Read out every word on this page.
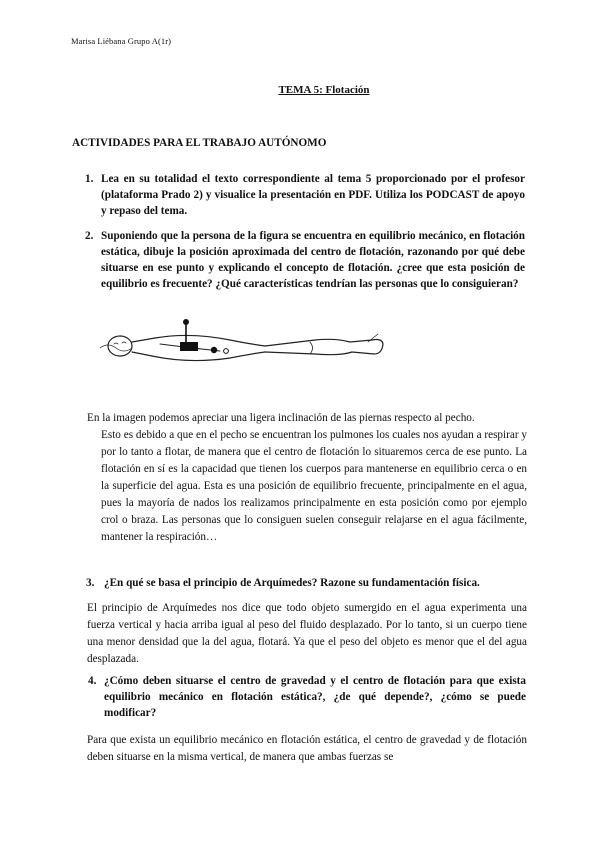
Marisa Liébana Grupo A(1r)
TEMA 5: Flotación
ACTIVIDADES PARA EL TRABAJO AUTÓNOMO
1. Lea en su totalidad el texto correspondiente al tema 5 proporcionado por el profesor (plataforma Prado 2) y visualice la presentación en PDF. Utiliza los PODCAST de apoyo y repaso del tema.
2. Suponiendo que la persona de la figura se encuentra en equilibrio mecánico, en flotación estática, dibuje la posición aproximada del centro de flotación, razonando por qué debe situarse en ese punto y explicando el concepto de flotación. ¿cree que esta posición de equilibrio es frecuente? ¿Qué características tendrían las personas que lo consiguieran?
En la imagen podemos apreciar una ligera inclinación de las piernas respecto al pecho.
Esto es debido a que en el pecho se encuentran los pulmones los cuales nos ayudan a respirar y por lo tanto a flotar, de manera que el centro de flotación lo situaremos cerca de ese punto. La flotación en sí es la capacidad que tienen los cuerpos para mantenerse en equilibrio cerca o en la superficie del agua. Esta es una posición de equilibrio frecuente, principalmente en el agua, pues la mayoría de nados los realizamos principalmente en esta posición como por ejemplo crol o braza. Las personas que lo consiguen suelen conseguir relajarse en el agua fácilmente, mantener la respiración…
3. ¿En qué se basa el principio de Arquímedes? Razone su fundamentación física.
El principio de Arquímedes nos dice que todo objeto sumergido en el agua experimenta una fuerza vertical y hacia arriba igual al peso del fluido desplazado. Por lo tanto, si un cuerpo tiene una menor densidad que la del agua, flotará. Ya que el peso del objeto es menor que el del agua desplazada.
4. ¿Cómo deben situarse el centro de gravedad y el centro de flotación para que exista equilibrio mecánico en flotación estática?, ¿de qué depende?, ¿cómo se puede modificar?
Para que exista un equilibrio mecánico en flotación estática, el centro de gravedad y de flotación deben situarse en la misma vertical, de manera que ambas fuerzas se
